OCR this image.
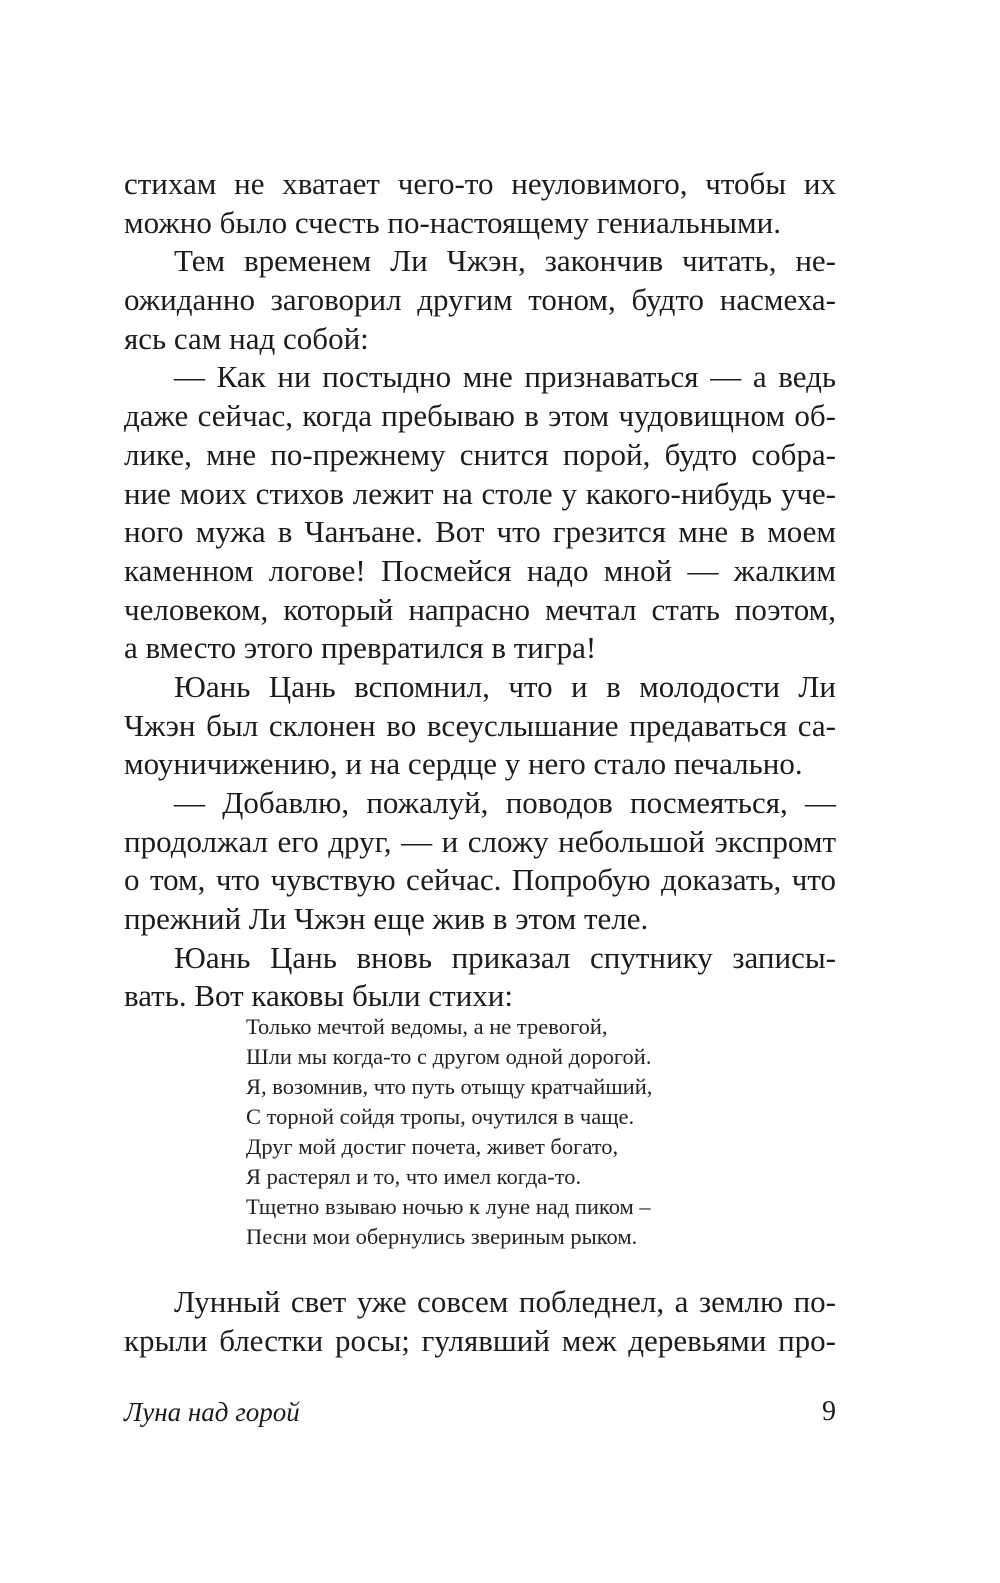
стихам не хватает чего-то неуловимого, чтобы их
можно было счесть по-настоящему гениальными.
Тем временем Ли Чжэн, закончив читать, не-
ожиданно заговорил другим тоном, будто насмеха-
ясь сам над собой:
— Как ни постыдно мне признаваться — а ведь
даже сейчас, когда пребываю в этом чудовищном об-
лике, мне по-прежнему снится порой, будто собра-
ние моих стихов лежит на столе у какого-нибудь уче-
ного мужа в Чанъане. Вот что грезится мне в моем
каменном логове! Посмейся надо мной — жалким
человеком, который напрасно мечтал стать поэтом,
а вместо этого превратился в тигра!
Юань Цань вспомнил, что и в молодости Ли
Чжэн был склонен во всеуслышание предаваться са-
моуничижению, и на сердце у него стало печально.
— Добавлю, пожалуй, поводов посмеяться, —
продолжал его друг, — и сложу небольшой экспромт
о том, что чувствую сейчас. Попробую доказать, что
прежний Ли Чжэн еще жив в этом теле.
Юань Цань вновь приказал спутнику записы-
вать. Вот каковы были стихи:
Только мечтой ведомы, а не тревогой,
Шли мы когда-то с другом одной дорогой.
Я, возомнив, что путь отыщу кратчайший,
С торной сойдя тропы, очутился в чаще.
Друг мой достиг почета, живет богато,
Я растерял и то, что имел когда-то.
Тщетно взываю ночью к луне над пиком –
Песни мои обернулись звериным рыком.
Лунный свет уже совсем побледнел, а землю по-
крыли блестки росы; гулявший меж деревьями про-
Луна над горой	9
